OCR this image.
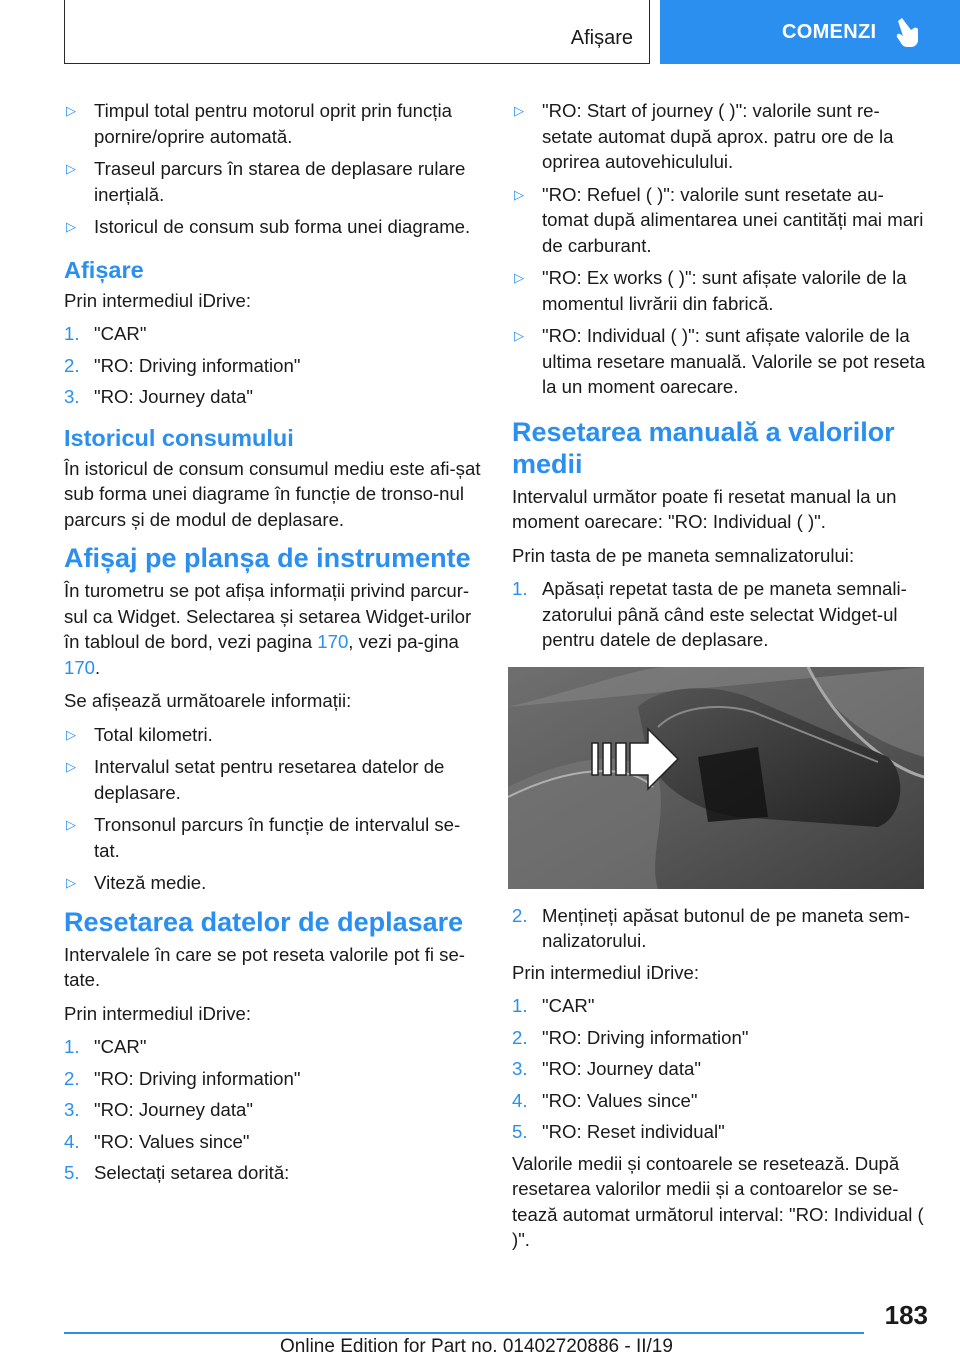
Afișare	COMENZI
▷ Timpul total pentru motorul oprit prin funcția pornire/oprire automată.
▷ Traseul parcurs în starea de deplasare rulare inerțială.
▷ Istoricul de consum sub forma unei diagrame.
Afișare
Prin intermediul iDrive:
1. "CAR"
2. "RO: Driving information"
3. "RO: Journey data"
Istoricul consumului
În istoricul de consum consumul mediu este afi-șat sub forma unei diagrame în funcție de tronso-nul parcurs și de modul de deplasare.
Afișaj pe planșa de instrumente
În turometru se pot afișa informații privind parcur-sul ca Widget. Selectarea și setarea Widget-urilor în tabloul de bord, vezi pagina 170, vezi pa-gina 170.
Se afișează următoarele informații:
▷ Total kilometri.
▷ Intervalul setat pentru resetarea datelor de deplasare.
▷ Tronsonul parcurs în funcție de intervalul se-tat.
▷ Viteză medie.
Resetarea datelor de deplasare
Intervalele în care se pot reseta valorile pot fi se-tate.
Prin intermediul iDrive:
1. "CAR"
2. "RO: Driving information"
3. "RO: Journey data"
4. "RO: Values since"
5. Selectați setarea dorită:
▷ "RO: Start of journey ( )": valorile sunt re-setate automat după aprox. patru ore de la oprirea autovehiculului.
▷ "RO: Refuel ( )": valorile sunt resetate au-tomat după alimentarea unei cantități mai mari de carburant.
▷ "RO: Ex works ( )": sunt afișate valorile de la momentul livrării din fabrică.
▷ "RO: Individual ( )": sunt afișate valorile de la ultima resetare manuală. Valorile se pot reseta la un moment oarecare.
Resetarea manuală a valorilor medii
Intervalul următor poate fi resetat manual la un moment oarecare: "RO: Individual ( )".
Prin tasta de pe maneta semnalizatorului:
1. Apăsați repetat tasta de pe maneta semnali-zatorului până când este selectat Widget-ul pentru datele de deplasare.
2. Mențineți apăsat butonul de pe maneta sem-nalizatorului.
Prin intermediul iDrive:
1. "CAR"
2. "RO: Driving information"
3. "RO: Journey data"
4. "RO: Values since"
5. "RO: Reset individual"
Valorile medii și contoarele se resetează. După resetarea valorilor medii și a contoarelor se se-tează automat următorul interval: "RO: Individual ( )".
183
Online Edition for Part no. 01402720886 - II/19
